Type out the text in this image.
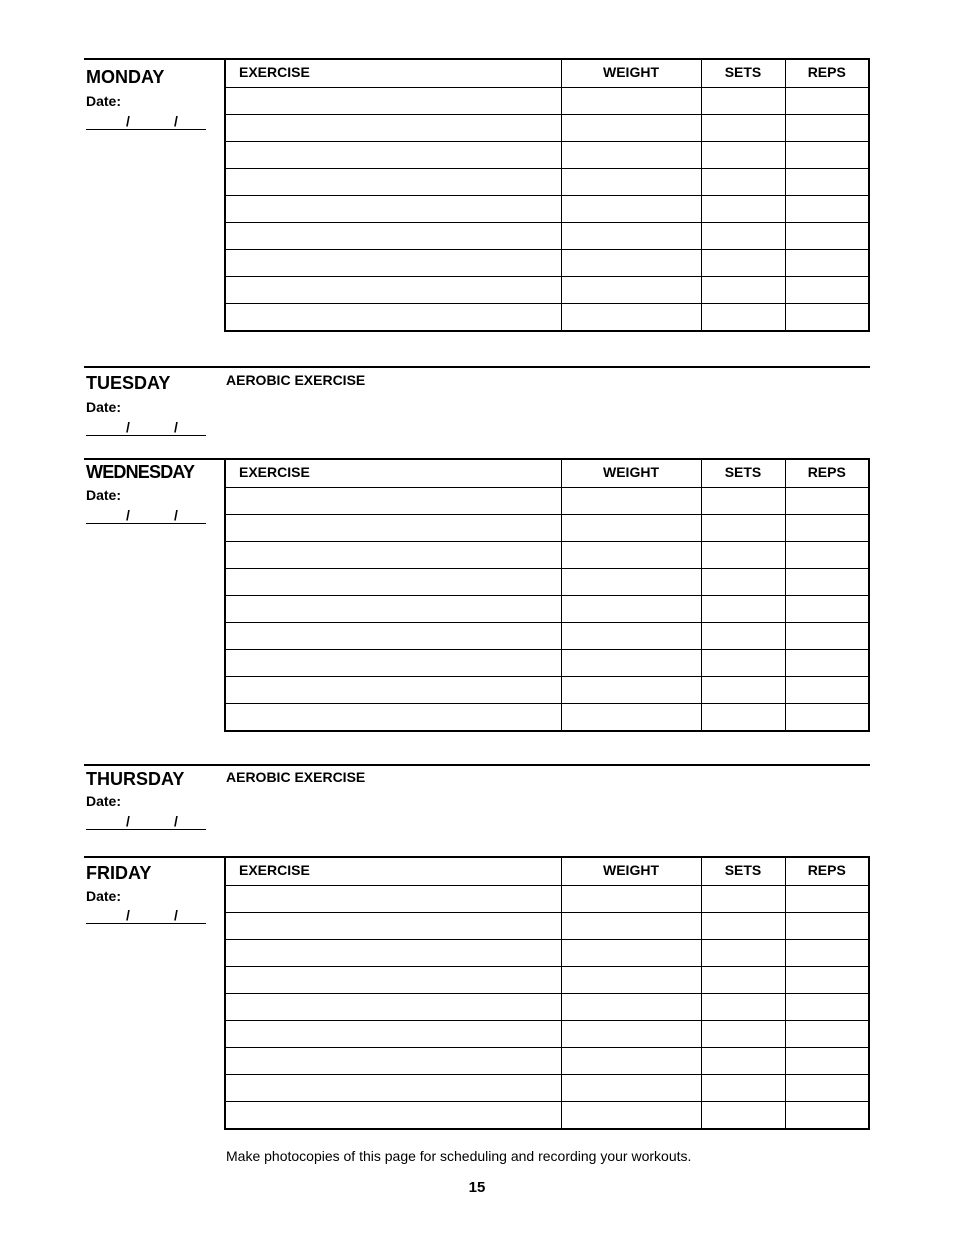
MONDAY
Date:
/	/
EXERCISE	WEIGHT	SETS	REPS

TUESDAY	AEROBIC EXERCISE
Date:
/	/
WEDNESDAY
Date:
/	/
EXERCISE	WEIGHT	SETS	REPS

THURSDAY	AEROBIC EXERCISE
Date:
/	/
FRIDAY
Date:
/	/
EXERCISE	WEIGHT	SETS	REPS

Make photocopies of this page for scheduling and recording your workouts.
15
